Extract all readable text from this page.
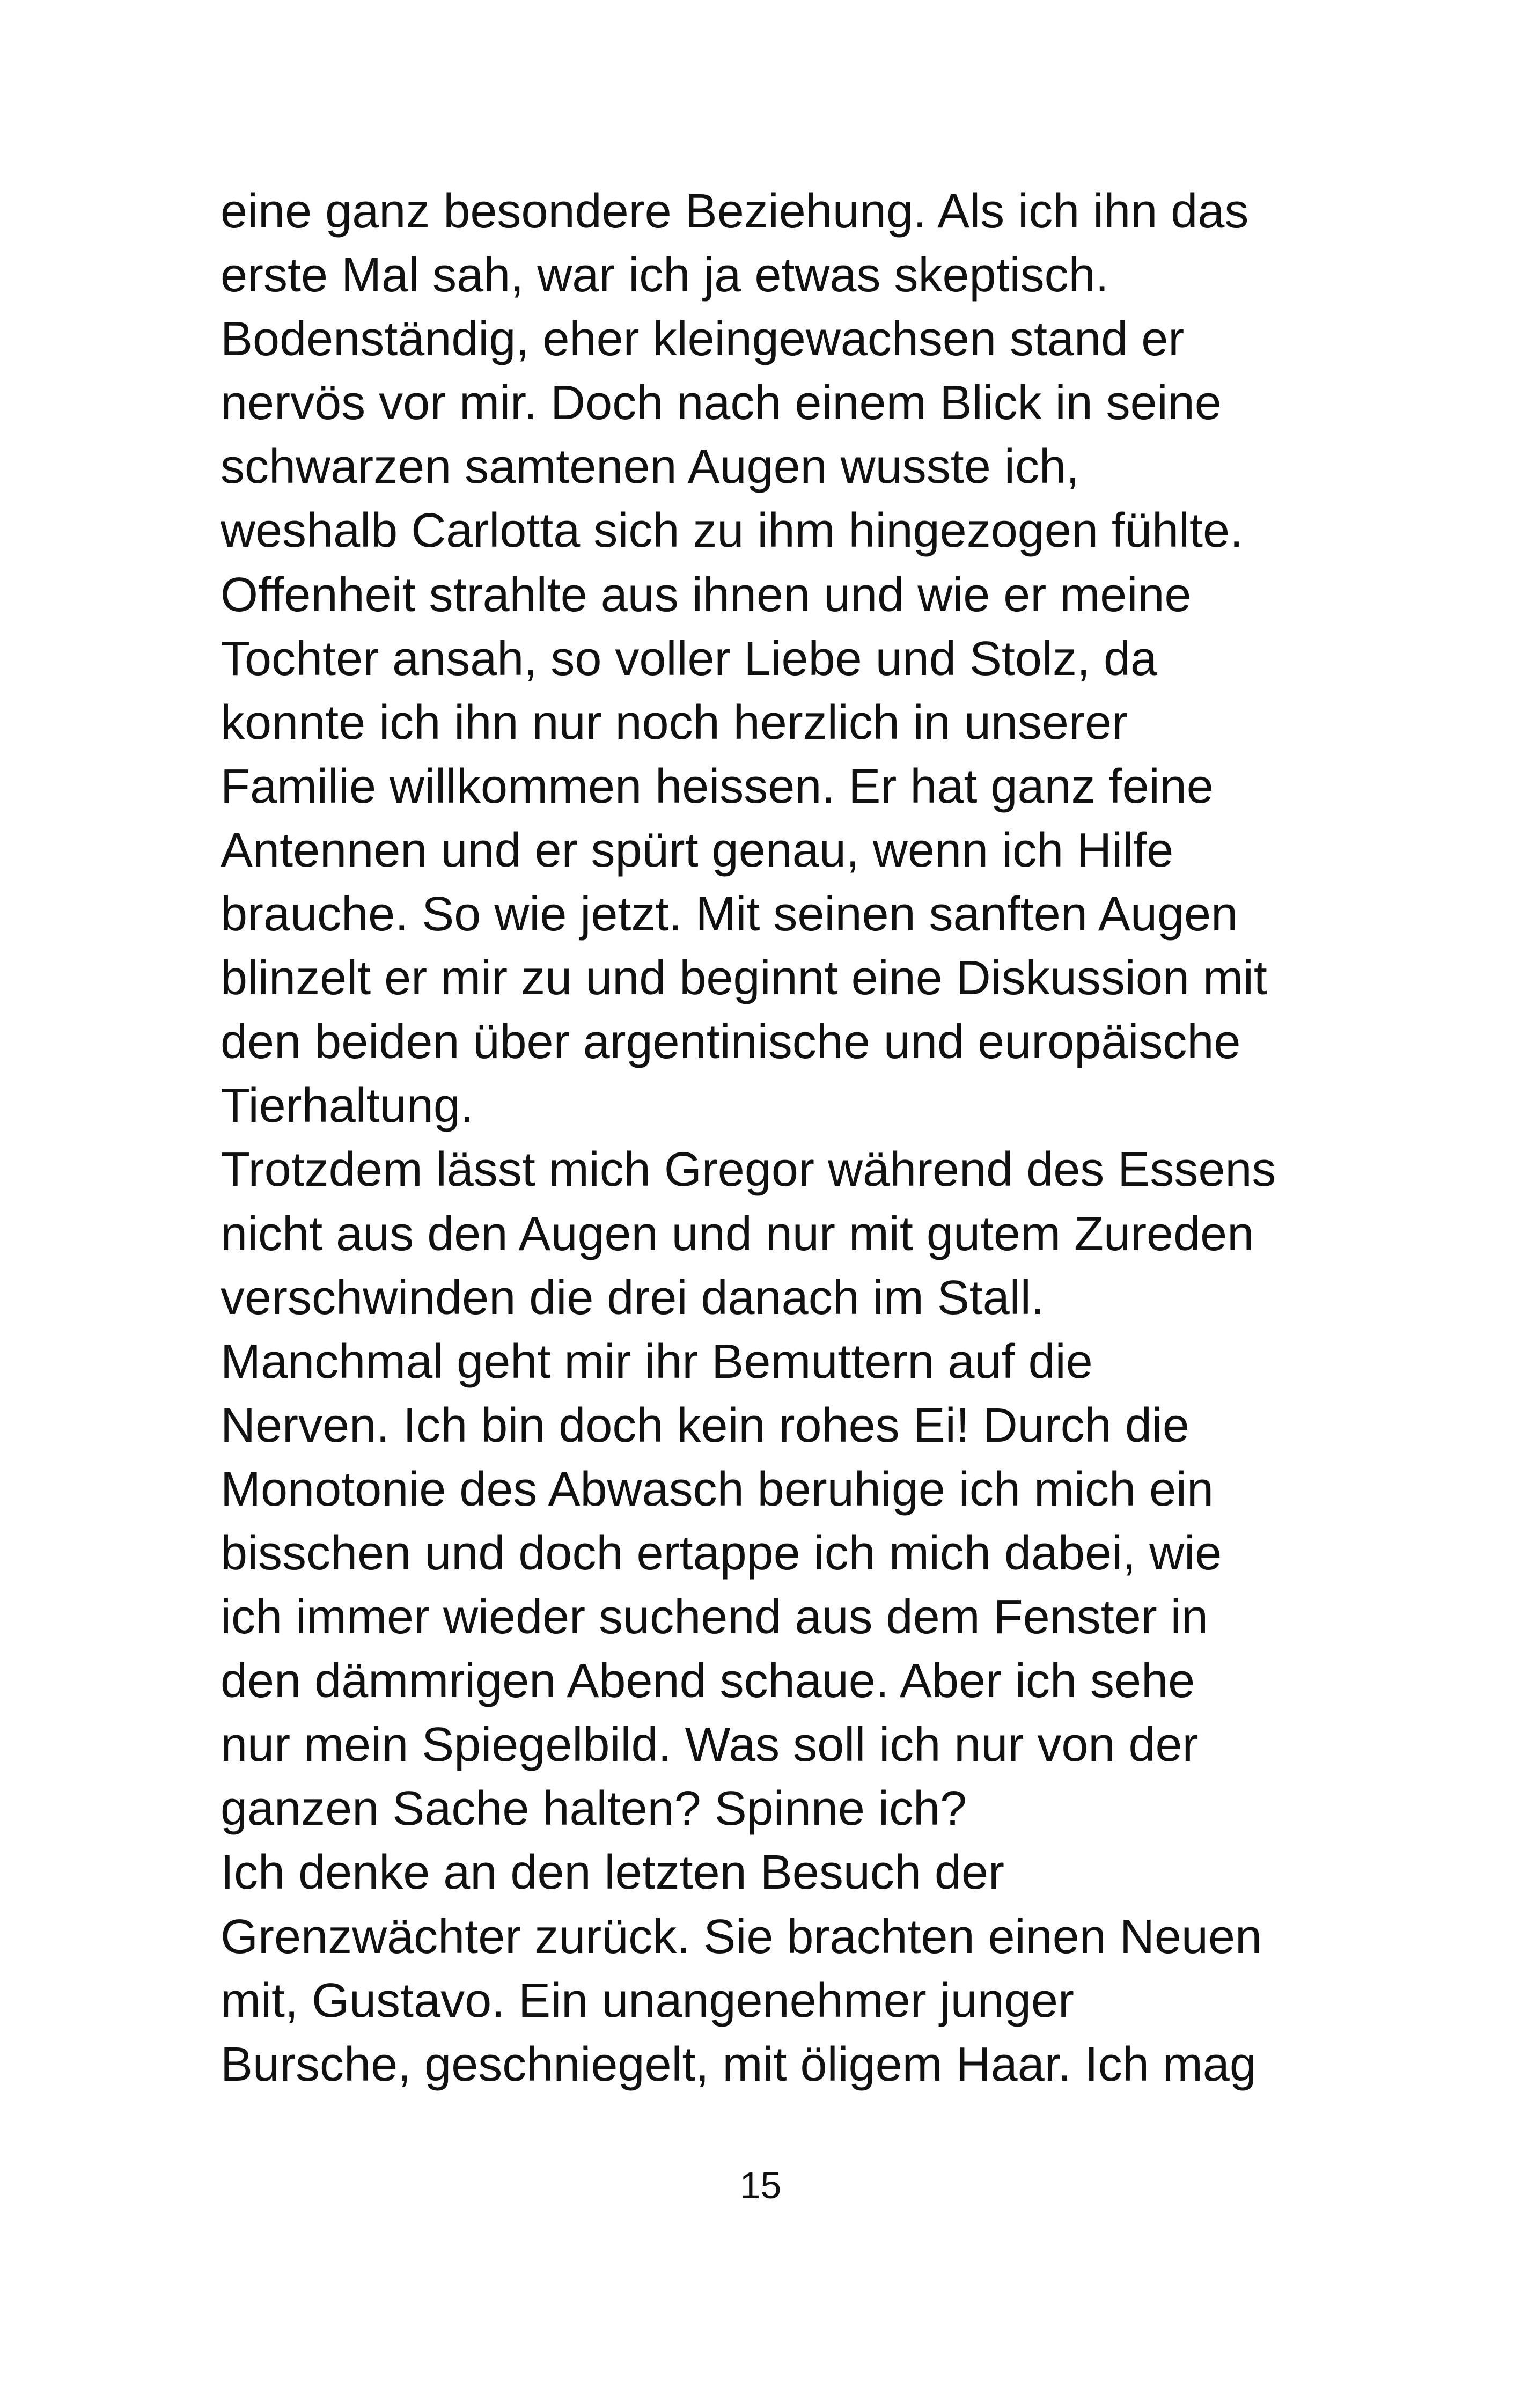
eine ganz besondere Beziehung. Als ich ihn das
erste Mal sah, war ich ja etwas skeptisch.
Bodenständig, eher kleingewachsen stand er
nervös vor mir. Doch nach einem Blick in seine
schwarzen samtenen Augen wusste ich,
weshalb Carlotta sich zu ihm hingezogen fühlte.
Offenheit strahlte aus ihnen und wie er meine
Tochter ansah, so voller Liebe und Stolz, da
konnte ich ihn nur noch herzlich in unserer
Familie willkommen heissen. Er hat ganz feine
Antennen und er spürt genau, wenn ich Hilfe
brauche. So wie jetzt. Mit seinen sanften Augen
blinzelt er mir zu und beginnt eine Diskussion mit
den beiden über argentinische und europäische
Tierhaltung.
Trotzdem lässt mich Gregor während des Essens
nicht aus den Augen und nur mit gutem Zureden
verschwinden die drei danach im Stall.
Manchmal geht mir ihr Bemuttern auf die
Nerven. Ich bin doch kein rohes Ei! Durch die
Monotonie des Abwasch beruhige ich mich ein
bisschen und doch ertappe ich mich dabei, wie
ich immer wieder suchend aus dem Fenster in
den dämmrigen Abend schaue. Aber ich sehe
nur mein Spiegelbild. Was soll ich nur von der
ganzen Sache halten? Spinne ich?
Ich denke an den letzten Besuch der
Grenzwächter zurück. Sie brachten einen Neuen
mit, Gustavo. Ein unangenehmer junger
Bursche, geschniegelt, mit öligem Haar. Ich mag
15
